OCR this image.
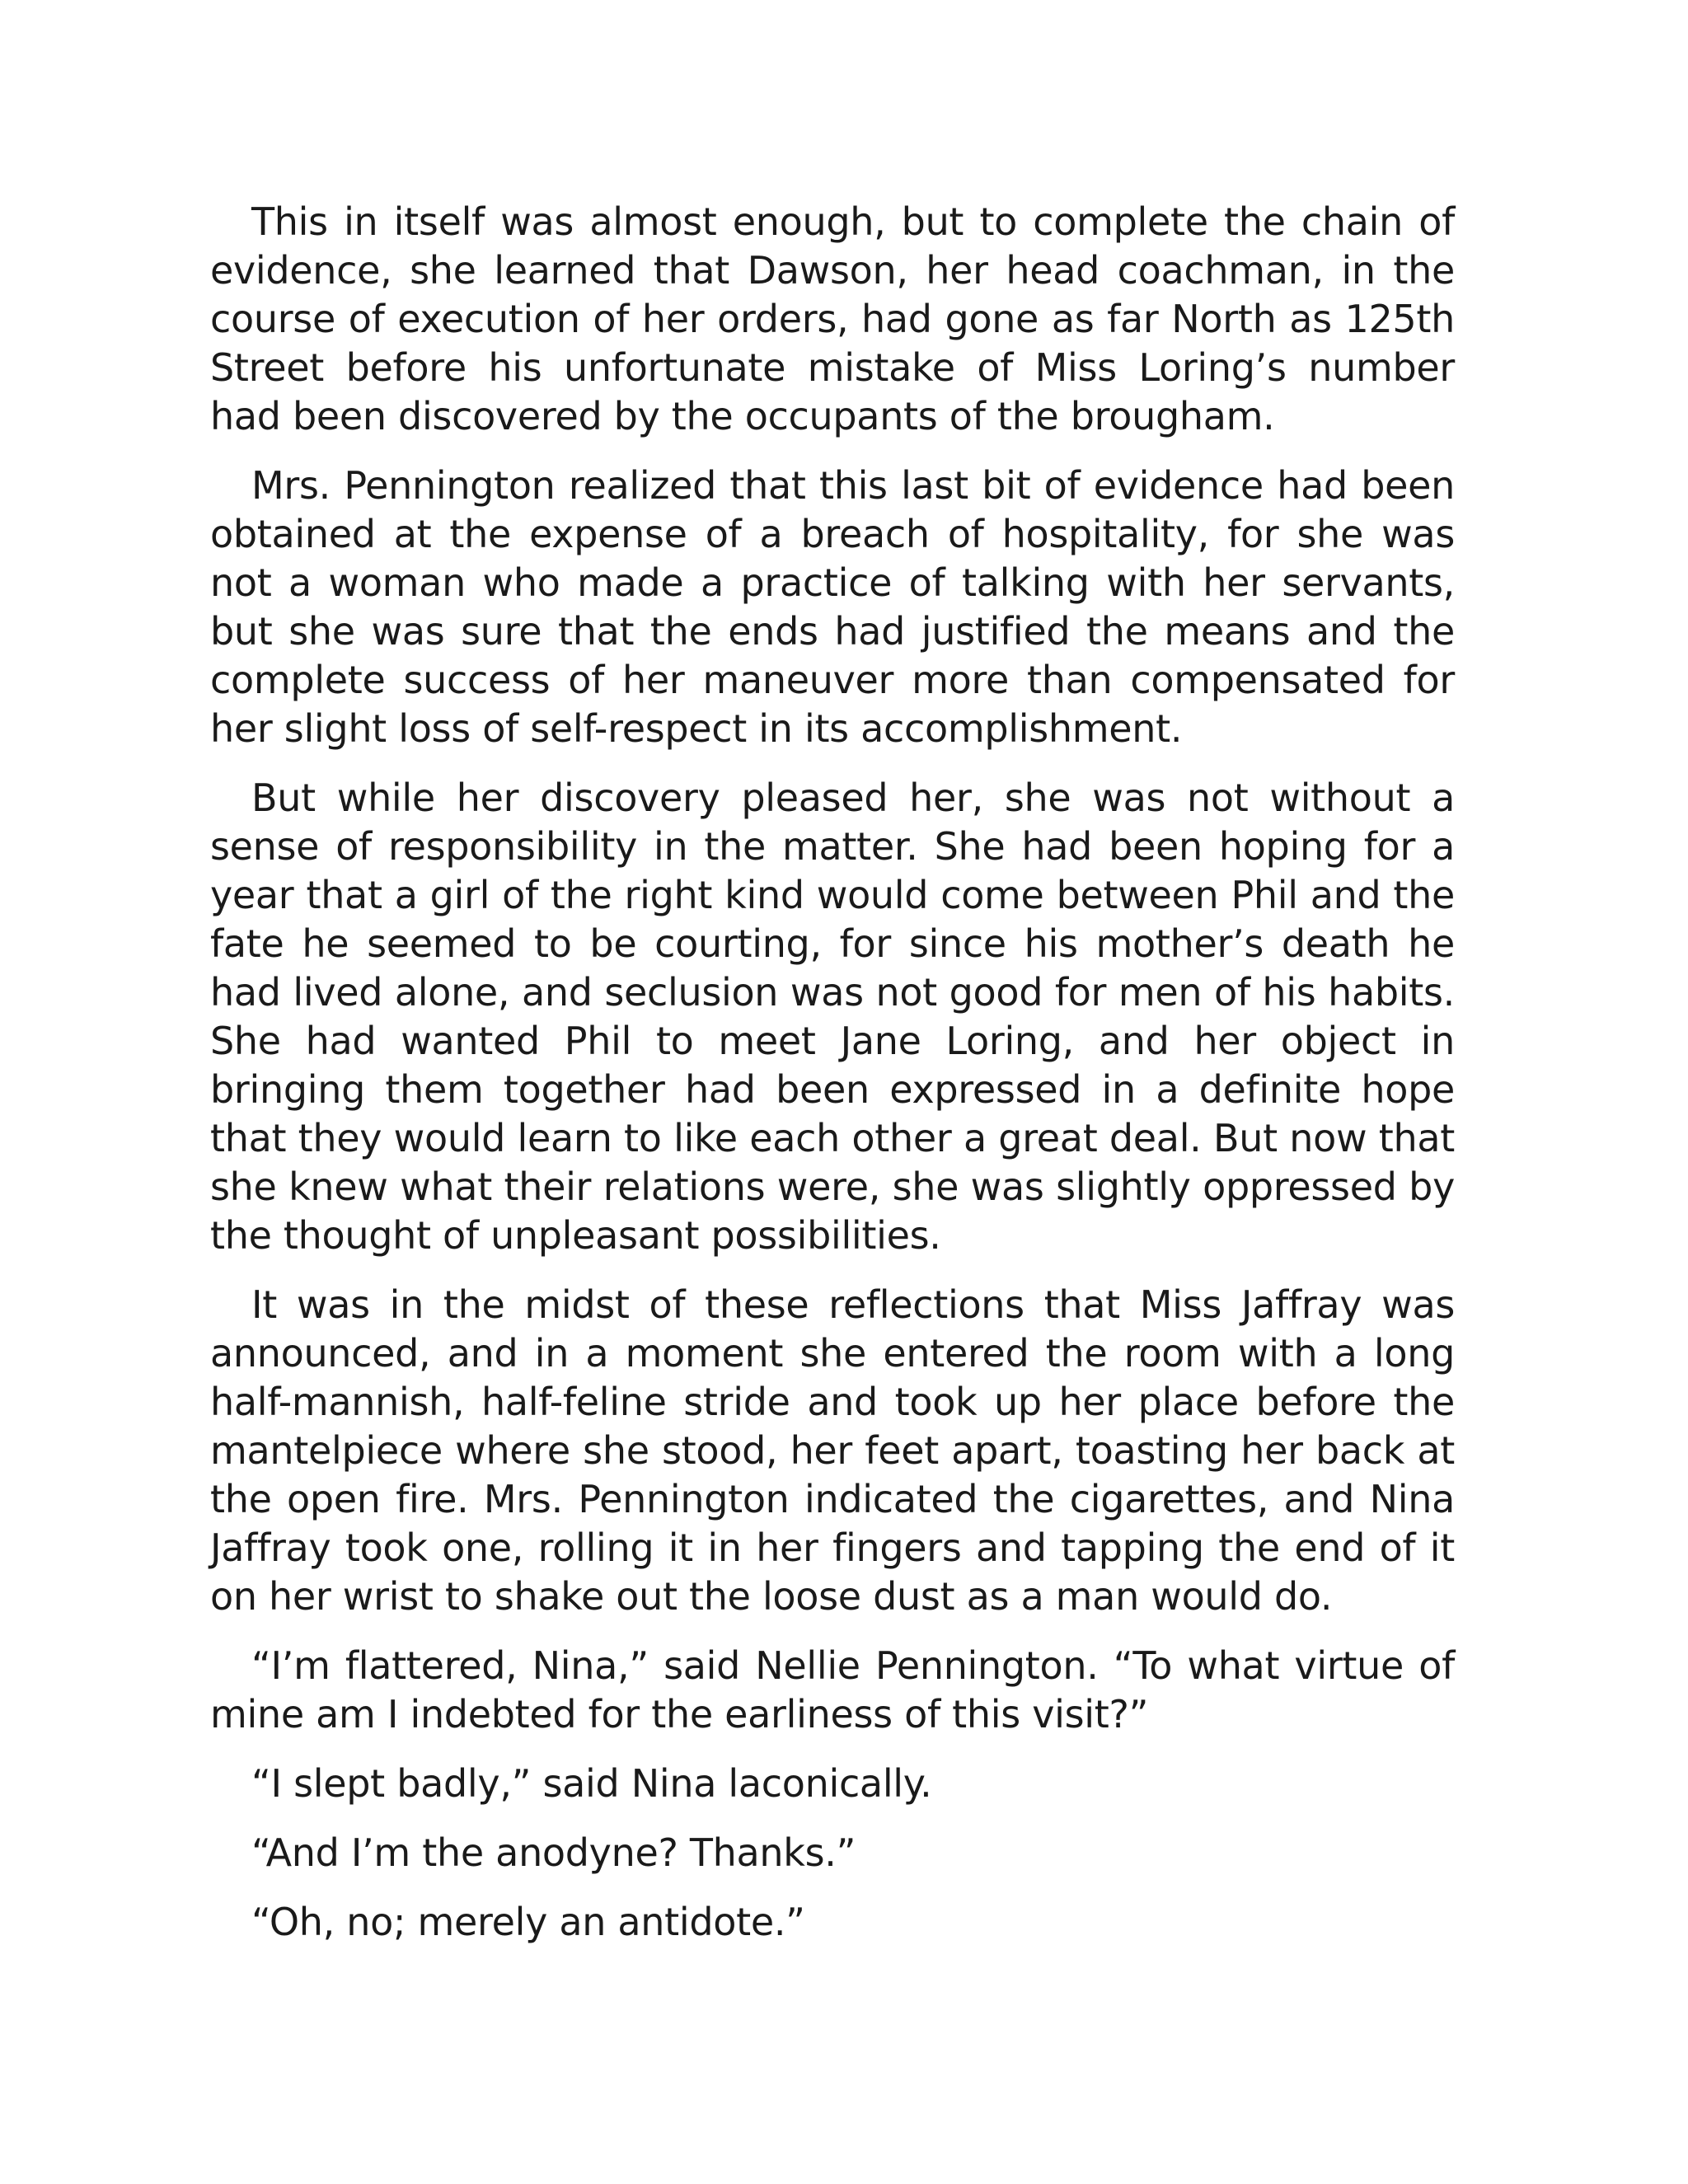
This in itself was almost enough, but to complete the chain of evidence, she learned that Dawson, her head coachman, in the course of execution of her orders, had gone as far North as 125th Street before his unfortunate mistake of Miss Loring’s number had been discovered by the occupants of the brougham.

Mrs. Pennington realized that this last bit of evidence had been obtained at the expense of a breach of hospitality, for she was not a woman who made a practice of talking with her servants, but she was sure that the ends had justified the means and the complete success of her maneuver more than compensated for her slight loss of self-respect in its accomplishment.

But while her discovery pleased her, she was not without a sense of responsibility in the matter. She had been hoping for a year that a girl of the right kind would come between Phil and the fate he seemed to be courting, for since his mother’s death he had lived alone, and seclusion was not good for men of his habits. She had wanted Phil to meet Jane Loring, and her object in bringing them together had been expressed in a definite hope that they would learn to like each other a great deal. But now that she knew what their relations were, she was slightly oppressed by the thought of unpleasant possibilities.

It was in the midst of these reflections that Miss Jaffray was announced, and in a moment she entered the room with a long half-mannish, half-feline stride and took up her place before the mantelpiece where she stood, her feet apart, toasting her back at the open fire. Mrs. Pennington indicated the cigarettes, and Nina Jaffray took one, rolling it in her fingers and tapping the end of it on her wrist to shake out the loose dust as a man would do.

“I’m flattered, Nina,” said Nellie Pennington. “To what virtue of mine am I indebted for the earliness of this visit?”

“I slept badly,” said Nina laconically.

“And I’m the anodyne? Thanks.”

“Oh, no; merely an antidote.”
